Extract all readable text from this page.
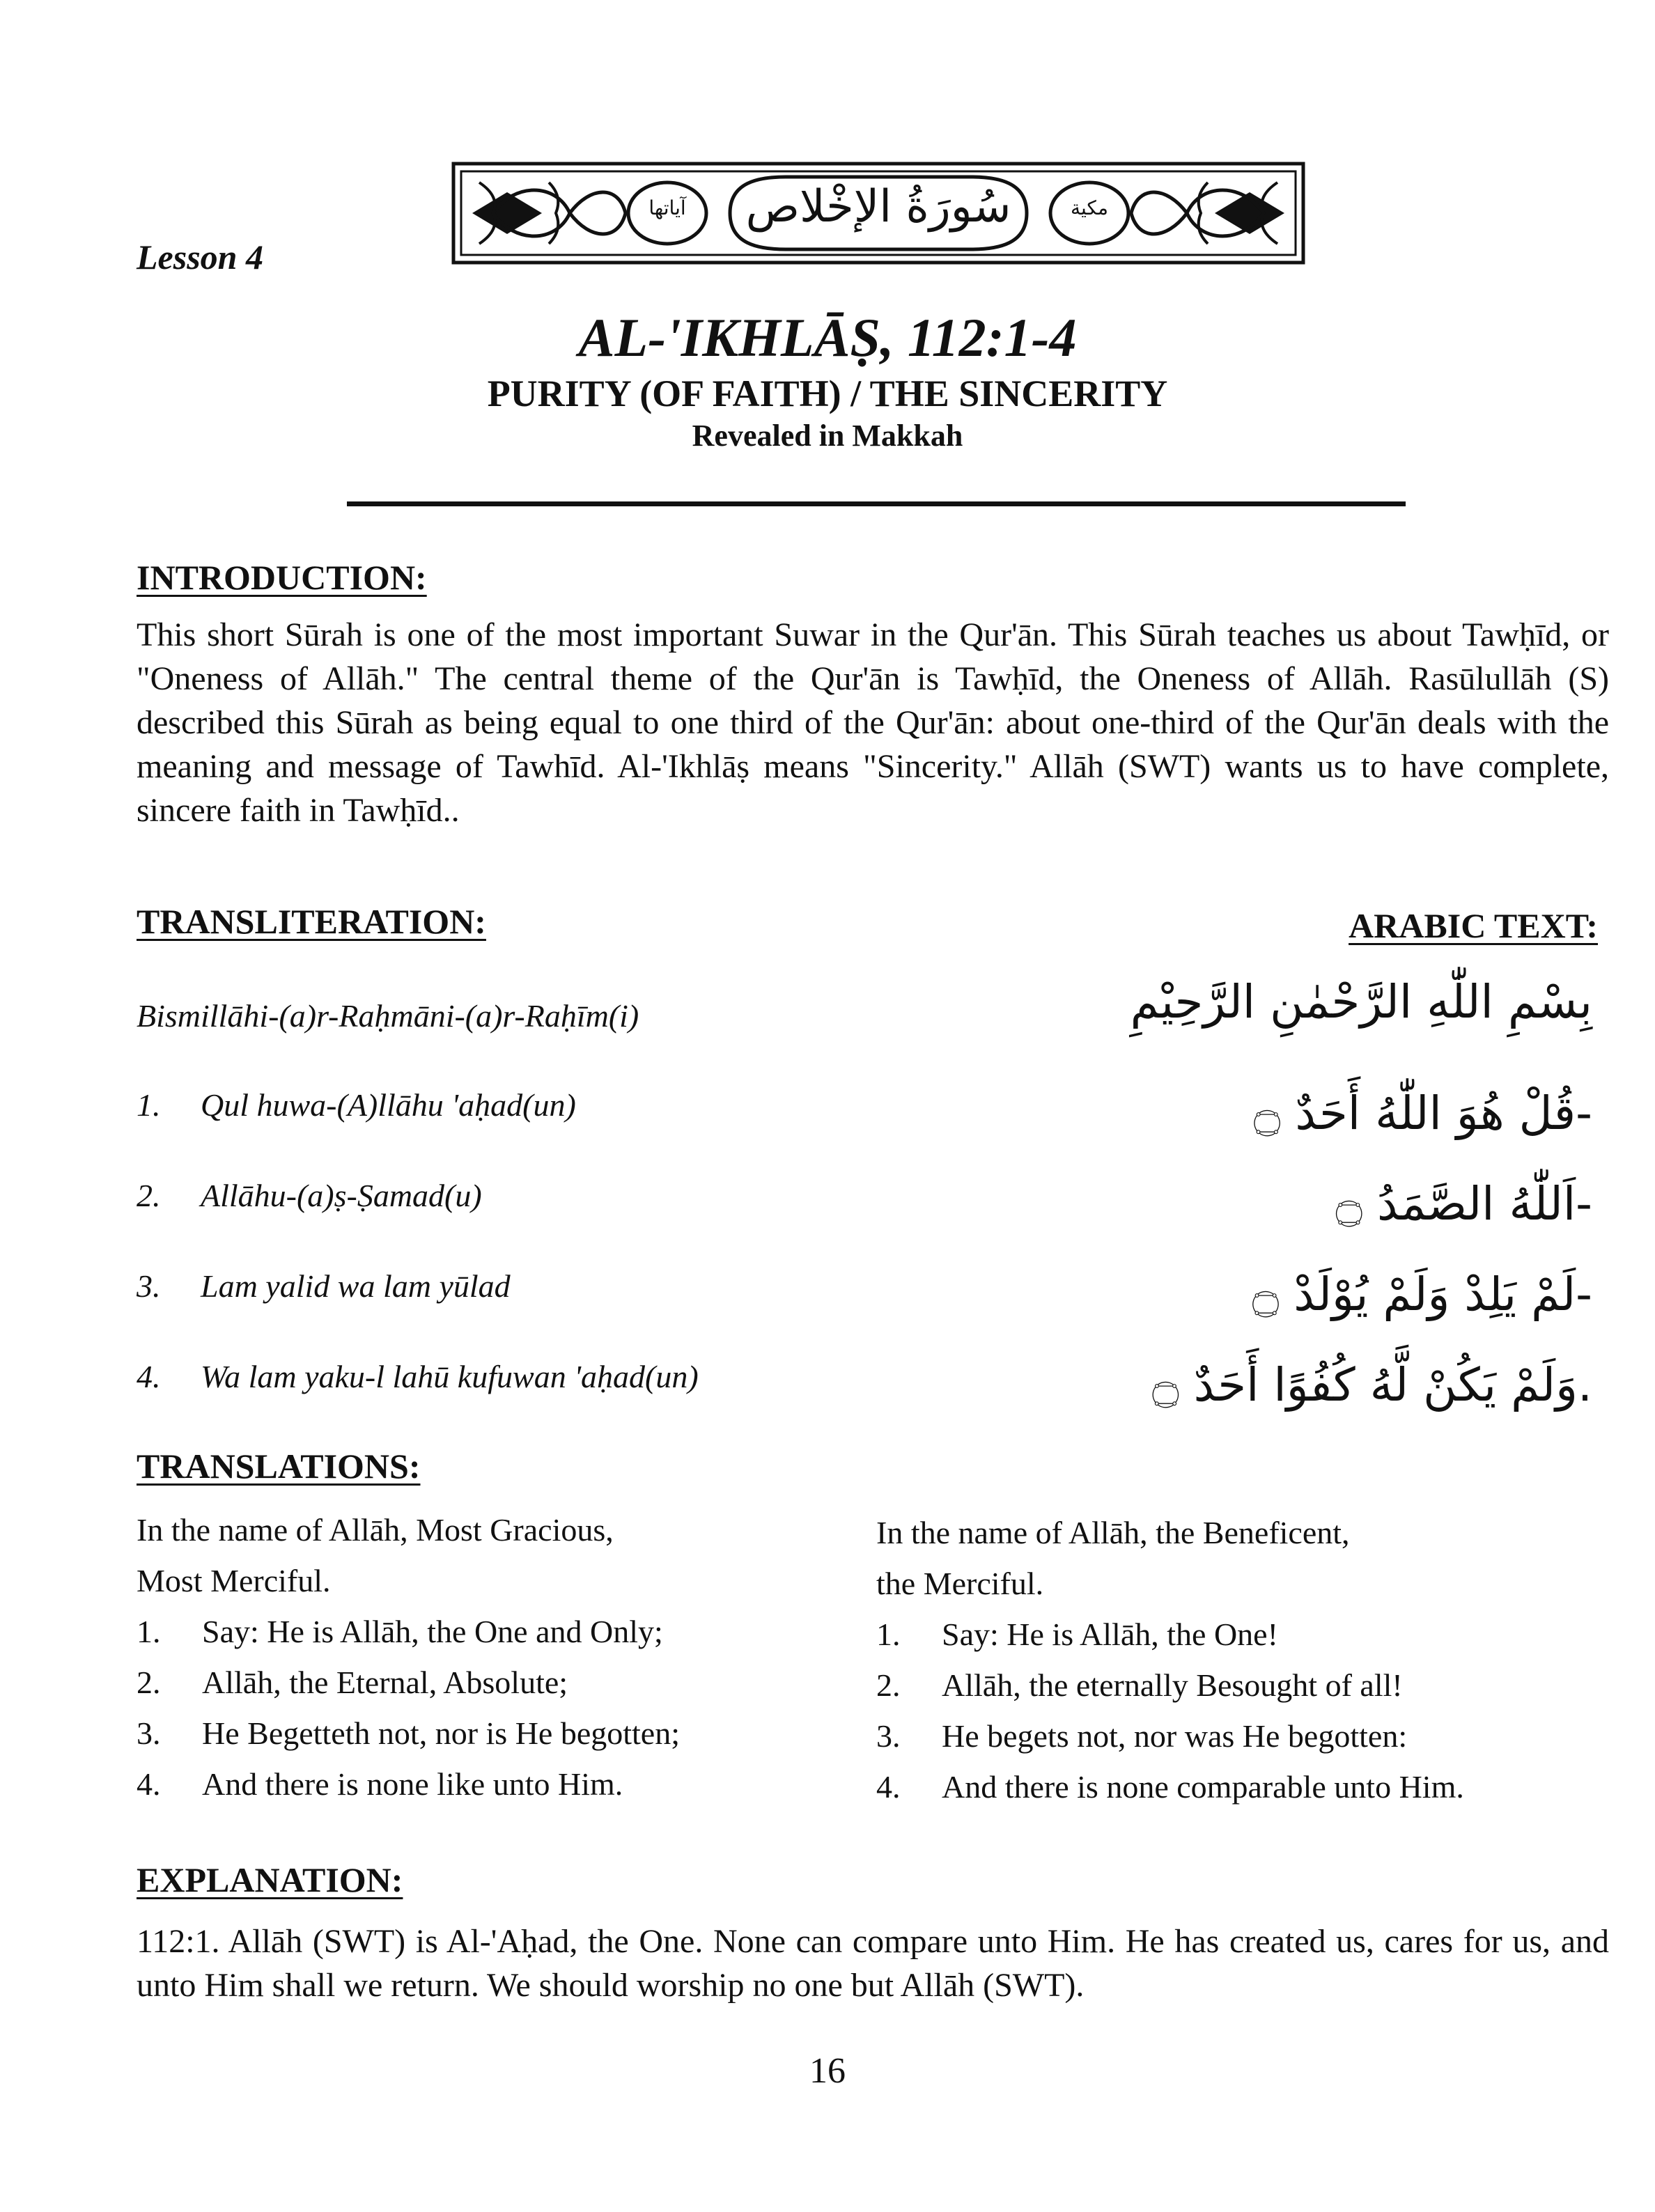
Lesson 4
آياتها	مكية
سُورَةُ الإخْلاص
AL-'IKHLĀṢ, 112:1-4
PURITY (OF FAITH) / THE SINCERITY
Revealed in Makkah
INTRODUCTION:

This short Sūrah is one of the most important Suwar in the Qur'ān. This Sūrah teaches us about Tawḥīd, or "Oneness of Allāh." The central theme of the Qur'ān is Tawḥīd, the Oneness of Allāh. Rasūlullāh (S) described this Sūrah as being equal to one third of the Qur'ān: about one-third of the Qur'ān deals with the meaning and message of Tawhīd. Al-'Ikhlāṣ means "Sincerity." Allāh (SWT) wants us to have complete, sincere faith in Tawḥīd..

TRANSLITERATION:	ARABIC TEXT:
Bismillāhi-(a)r-Raḥmāni-(a)r-Raḥīm(i)
1. Qul huwa-(A)llāhu 'aḥad(un)
2. Allāhu-(a)ṣ-Ṣamad(u)
3. Lam yalid wa lam yūlad
4. Wa lam yaku-l lahū kufuwan 'aḥad(un)
بِسْمِ اللّٰهِ الرَّحْمٰنِ الرَّحِيْمِ
-قُلْ هُوَ اللّٰهُ أَحَدٌ ۝
-اَللّٰهُ الصَّمَدُ ۝
-لَمْ يَلِدْ وَلَمْ يُوْلَدْ ۝
.وَلَمْ يَكُنْ لَّهُ كُفُوًا أَحَدٌ ۝
TRANSLATIONS:
In the name of Allāh, Most Gracious,
Most Merciful.
1. Say: He is Allāh, the One and Only;
2. Allāh, the Eternal, Absolute;
3. He Begetteth not, nor is He begotten;
4. And there is none like unto Him.
In the name of Allāh, the Beneficent,
the Merciful.
1. Say: He is Allāh, the One!
2. Allāh, the eternally Besought of all!
3. He begets not, nor was He begotten:
4. And there is none comparable unto Him.
EXPLANATION:
112:1. Allāh (SWT) is Al-'Aḥad, the One. None can compare unto Him. He has created us, cares for us, and unto Him shall we return. We should worship no one but Allāh (SWT).
16
